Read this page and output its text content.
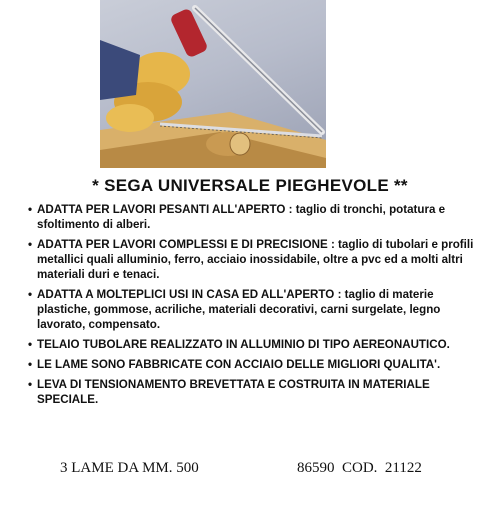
* SEGA UNIVERSALE PIEGHEVOLE **
• ADATTA PER LAVORI PESANTI ALL'APERTO : taglio di tronchi, potatura e sfoltimento di alberi.
• ADATTA PER LAVORI COMPLESSI E DI PRECISIONE : taglio di tubolari e profili metallici quali alluminio, ferro, acciaio inossidabile, oltre a pvc ed a molti altri materiali duri e tenaci.
• ADATTA A MOLTEPLICI USI IN CASA ED ALL'APERTO : taglio di materie plastiche, gommose, acriliche, materiali decorativi, carni surgelate, legno lavorato, compensato.
• TELAIO TUBOLARE REALIZZATO IN ALLUMINIO DI TIPO AEREONAUTICO.
• LE LAME SONO FABBRICATE CON ACCIAIO DELLE MIGLIORI QUALITA'.
• LEVA DI TENSIONAMENTO BREVETTATA E COSTRUITA IN MATERIALE SPECIALE.
3 LAME DA MM. 500	86590  COD.  21122
